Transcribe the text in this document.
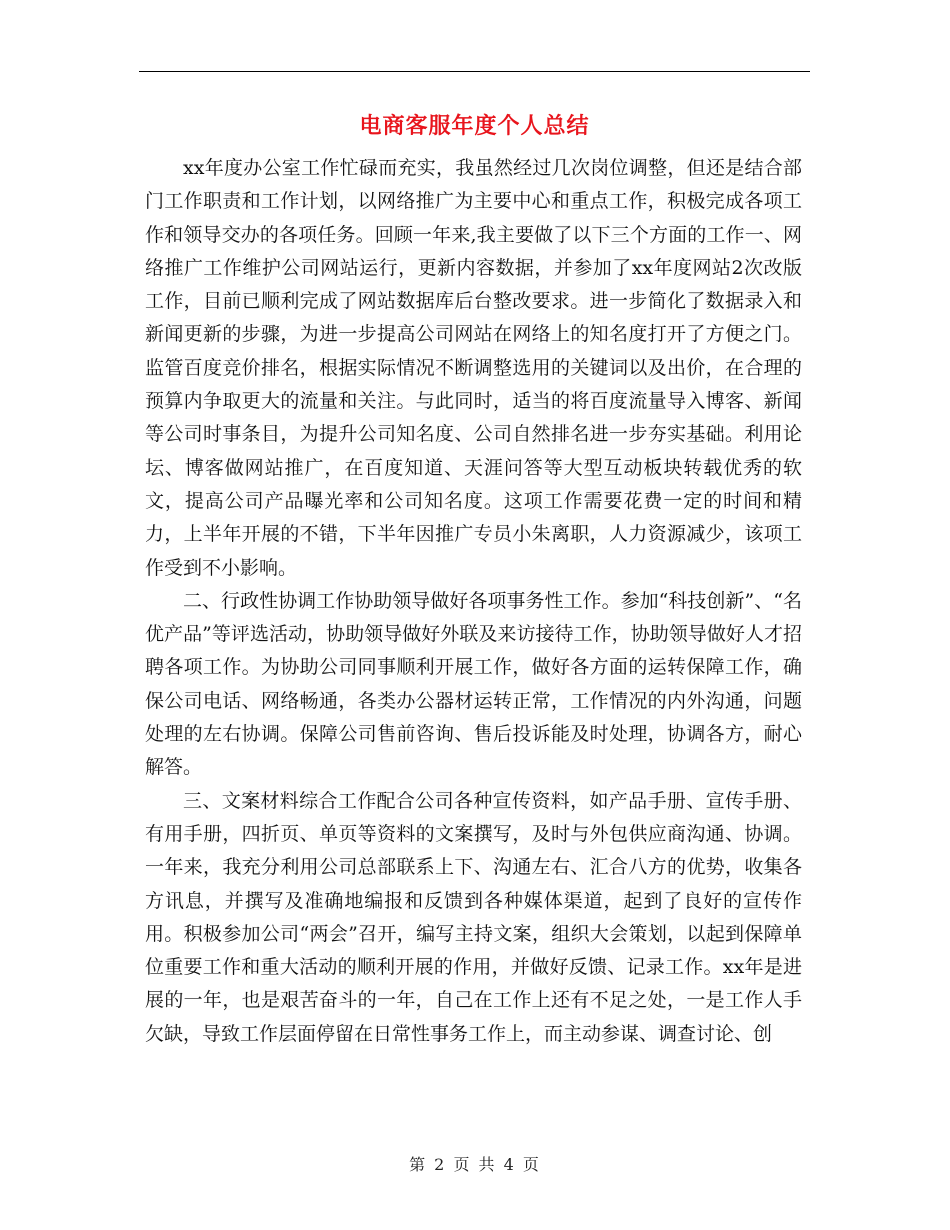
电商客服年度个人总结

xx年度办公室工作忙碌而充实，我虽然经过几次岗位调整，但还是结合部门工作职责和工作计划，以网络推广为主要中心和重点工作，积极完成各项工作和领导交办的各项任务。回顾一年来,我主要做了以下三个方面的工作一、网络推广工作维护公司网站运行，更新内容数据，并参加了xx年度网站2次改版工作，目前已顺利完成了网站数据库后台整改要求。进一步简化了数据录入和新闻更新的步骤，为进一步提高公司网站在网络上的知名度打开了方便之门。监管百度竞价排名，根据实际情况不断调整选用的关键词以及出价，在合理的预算内争取更大的流量和关注。与此同时，适当的将百度流量导入博客、新闻等公司时事条目，为提升公司知名度、公司自然排名进一步夯实基础。利用论坛、博客做网站推广，在百度知道、天涯问答等大型互动板块转载优秀的软文，提高公司产品曝光率和公司知名度。这项工作需要花费一定的时间和精力，上半年开展的不错，下半年因推广专员小朱离职，人力资源减少，该项工作受到不小影响。

二、行政性协调工作协助领导做好各项事务性工作。参加“科技创新”、“名优产品”等评选活动，协助领导做好外联及来访接待工作，协助领导做好人才招聘各项工作。为协助公司同事顺利开展工作，做好各方面的运转保障工作，确保公司电话、网络畅通，各类办公器材运转正常，工作情况的内外沟通，问题处理的左右协调。保障公司售前咨询、售后投诉能及时处理，协调各方，耐心解答。

三、文案材料综合工作配合公司各种宣传资料，如产品手册、宣传手册、有用手册，四折页、单页等资料的文案撰写，及时与外包供应商沟通、协调。一年来，我充分利用公司总部联系上下、沟通左右、汇合八方的优势，收集各方讯息，并撰写及准确地编报和反馈到各种媒体渠道，起到了良好的宣传作用。积极参加公司“两会”召开，编写主持文案，组织大会策划，以起到保障单位重要工作和重大活动的顺利开展的作用，并做好反馈、记录工作。xx年是进展的一年，也是艰苦奋斗的一年，自己在工作上还有不足之处，一是工作人手欠缺，导致工作层面停留在日常性事务工作上，而主动参谋、调查讨论、创

第 2 页 共 4 页
